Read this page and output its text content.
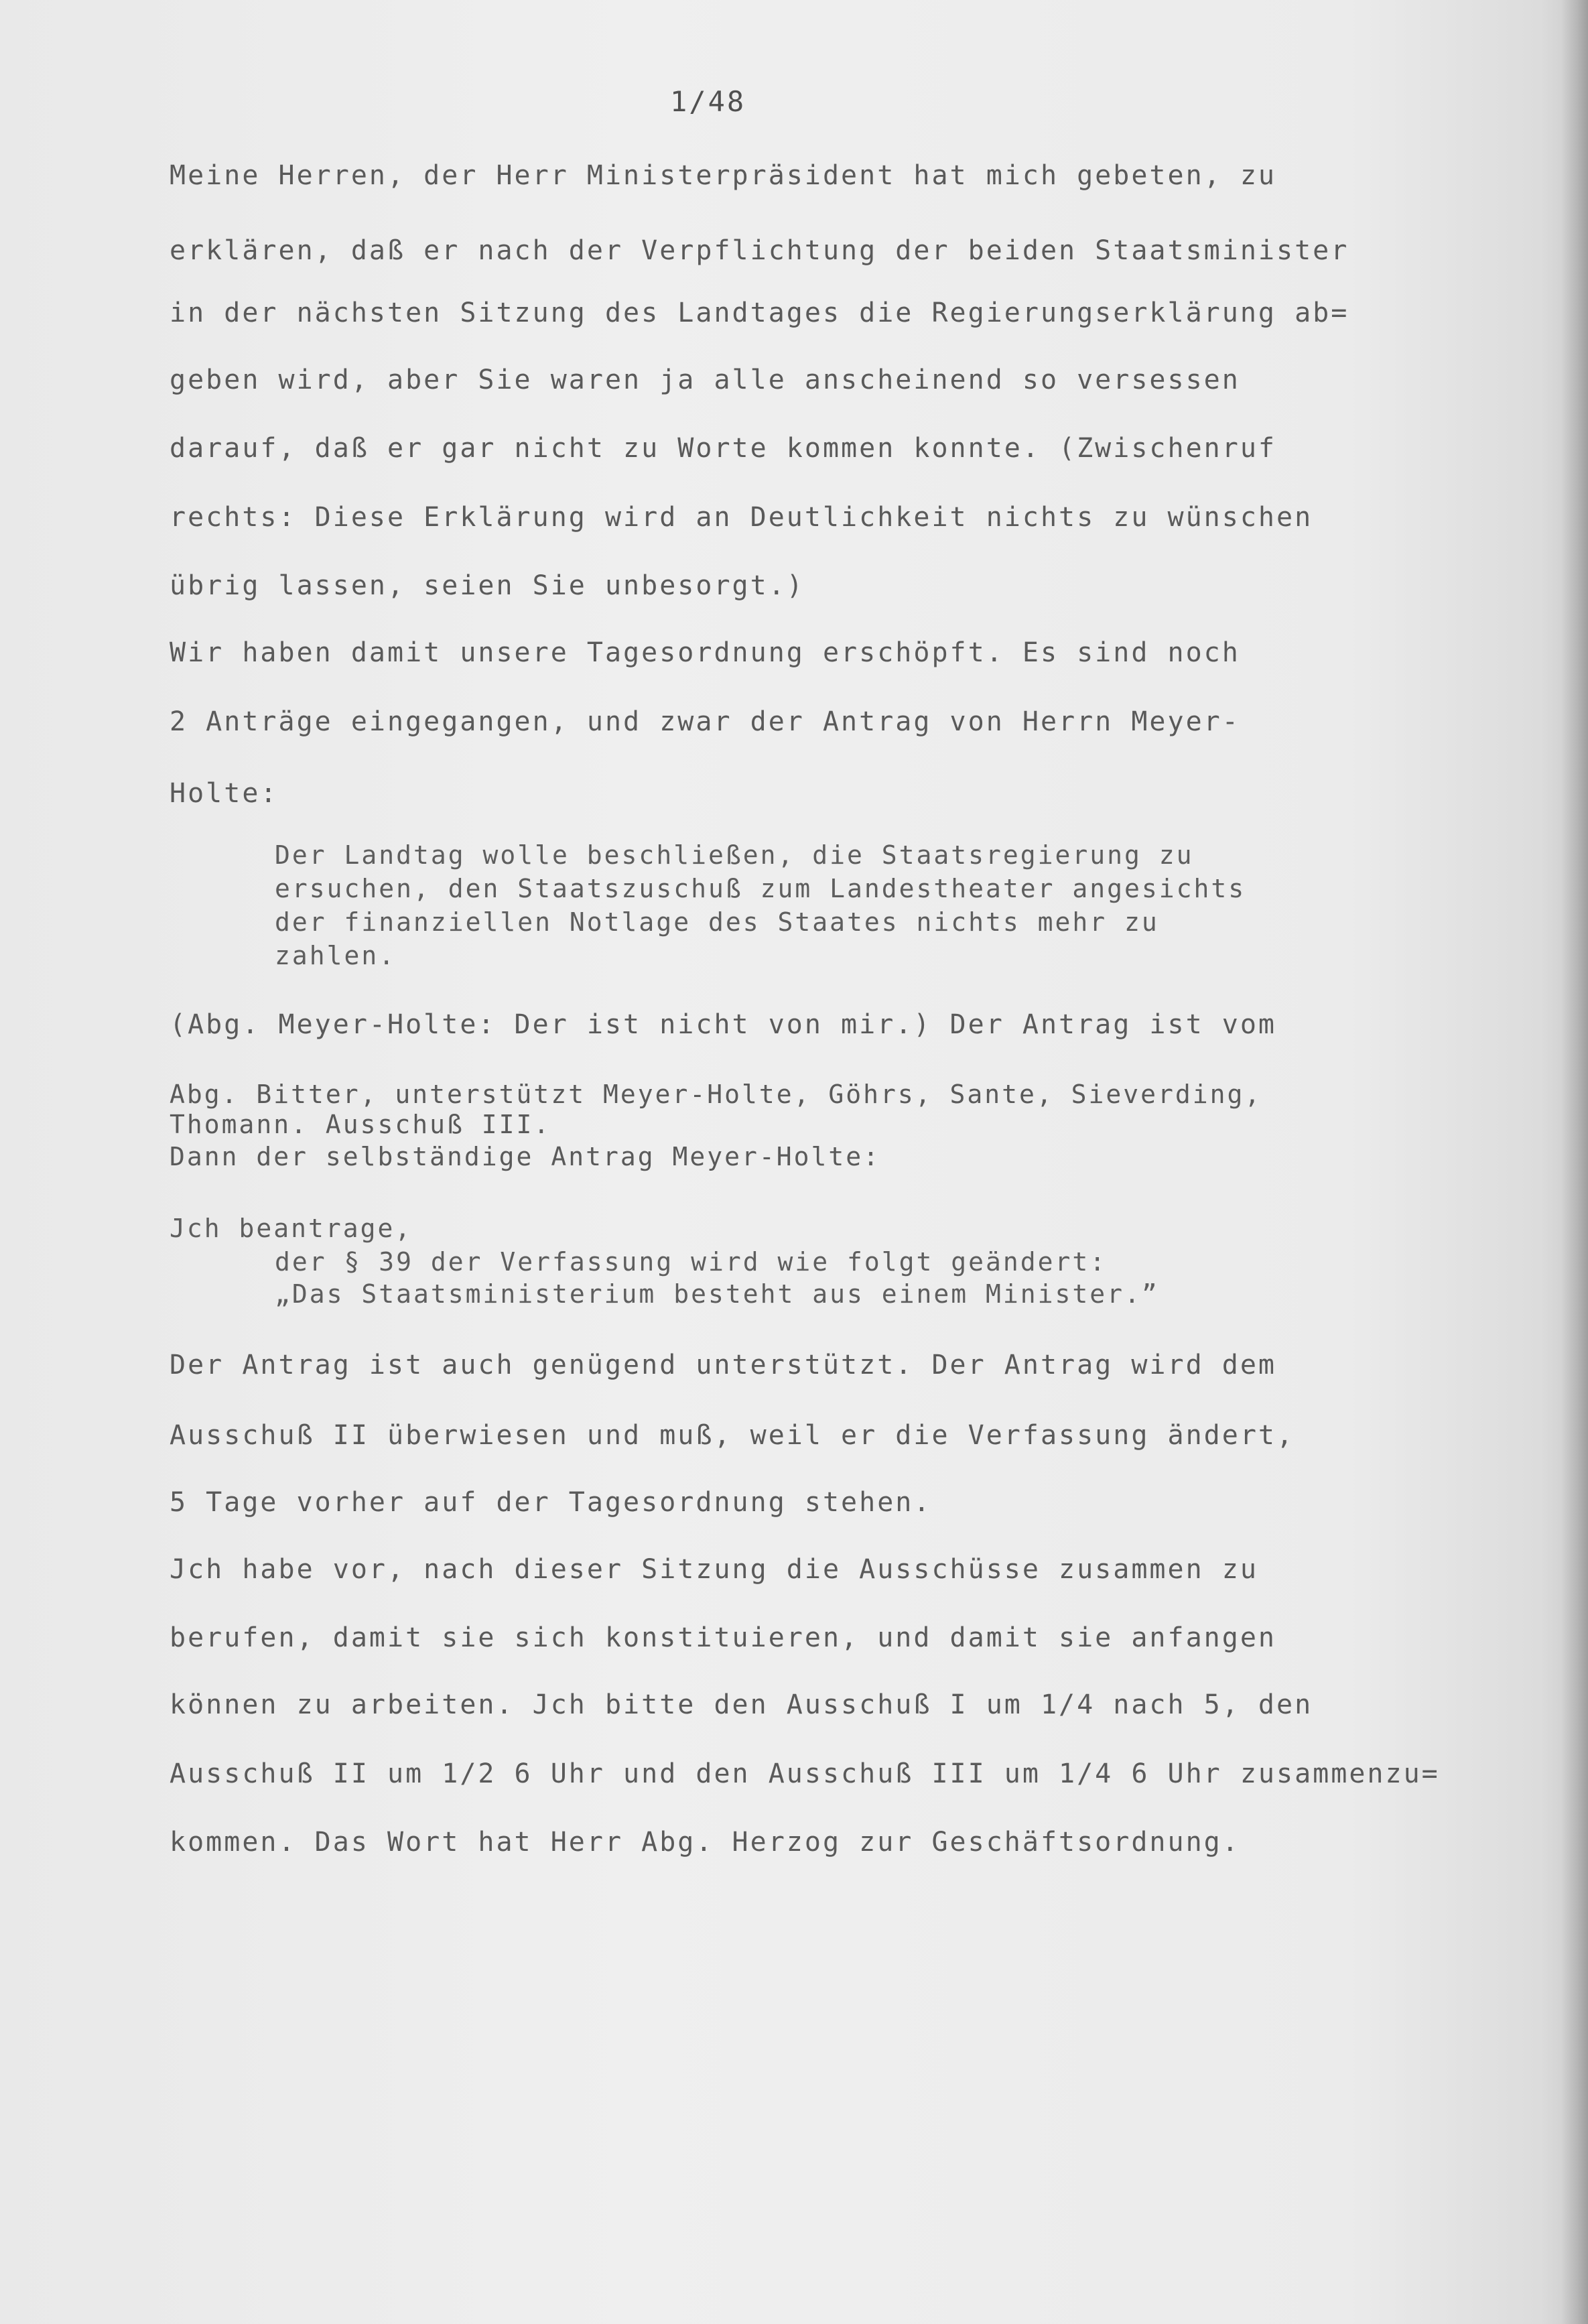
1/48
Meine Herren, der Herr Ministerpräsident hat mich gebeten, zu
erklären, daß er nach der Verpflichtung der beiden Staatsminister
in der nächsten Sitzung des Landtages die Regierungserklärung ab=
geben wird, aber Sie waren ja alle anscheinend so versessen
darauf, daß er gar nicht zu Worte kommen konnte. (Zwischenruf
rechts: Diese Erklärung wird an Deutlichkeit nichts zu wünschen
übrig lassen, seien Sie unbesorgt.)
Wir haben damit unsere Tagesordnung erschöpft. Es sind noch
2 Anträge eingegangen, und zwar der Antrag von Herrn Meyer-
Holte:
Der Landtag wolle beschließen, die Staatsregierung zu
ersuchen, den Staatszuschuß zum Landestheater angesichts
der finanziellen Notlage des Staates nichts mehr zu
zahlen.
(Abg. Meyer-Holte: Der ist nicht von mir.) Der Antrag ist vom
Abg. Bitter, unterstützt Meyer-Holte, Göhrs, Sante, Sieverding,
Thomann. Ausschuß III.
Dann der selbständige Antrag Meyer-Holte:
Jch beantrage,
der § 39 der Verfassung wird wie folgt geändert:
„Das Staatsministerium besteht aus einem Minister.”
Der Antrag ist auch genügend unterstützt. Der Antrag wird dem
Ausschuß II überwiesen und muß, weil er die Verfassung ändert,
5 Tage vorher auf der Tagesordnung stehen.
Jch habe vor, nach dieser Sitzung die Ausschüsse zusammen zu
berufen, damit sie sich konstituieren, und damit sie anfangen
können zu arbeiten. Jch bitte den Ausschuß I um 1/4 nach 5, den
Ausschuß II um 1/2 6 Uhr und den Ausschuß III um 1/4 6 Uhr zusammenzu=
kommen. Das Wort hat Herr Abg. Herzog zur Geschäftsordnung.
